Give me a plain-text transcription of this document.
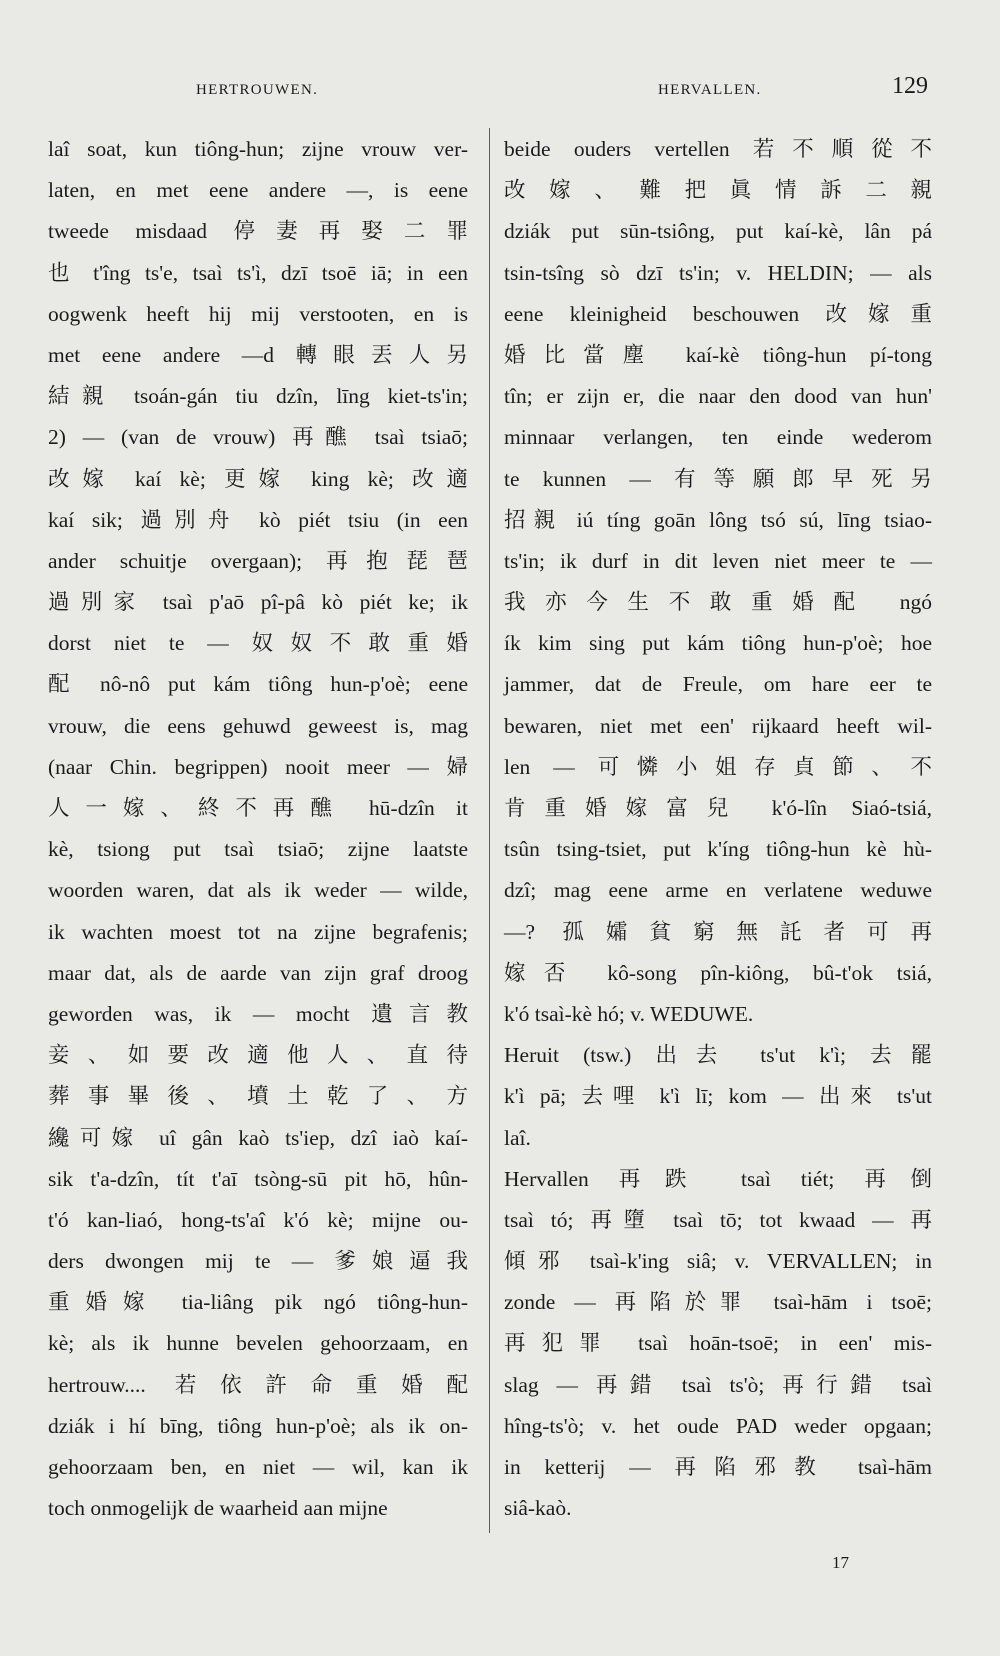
HERTROUWEN.	HERVALLEN.	129
laî soat, kun tiông-hun; zijne vrouw ver-
laten, en met eene andere —, is eene
tweede misdaad 停妻再娶二罪
也 t'îng ts'e, tsaì ts'ì, dzī tsoē iā; in een
oogwenk heeft hij mij verstooten, en is
met eene andere —d 轉眼丟人另
結親 tsoán-gán tiu dzîn, līng kiet-ts'in;
2) — (van de vrouw) 再醮 tsaì tsiaō;
改嫁 kaí kè; 更嫁 king kè; 改適
kaí sik; 過別舟 kò piét tsiu (in een
ander schuitje overgaan); 再抱琵琶
過別家 tsaì p'aō pî-pâ kò piét ke; ik
dorst niet te — 奴奴不敢重婚
配 nô-nô put kám tiông hun-p'oè; eene
vrouw, die eens gehuwd geweest is, mag
(naar Chin. begrippen) nooit meer — 婦
人一嫁、終不再醮 hū-dzîn it
kè, tsiong put tsaì tsiaō; zijne laatste
woorden waren, dat als ik weder — wilde,
ik wachten moest tot na zijne begrafenis;
maar dat, als de aarde van zijn graf droog
geworden was, ik — mocht 遺言教
妾、如要改適他人、直待
葬事畢後、墳土乾了、方
纔可嫁 uî gân kaò ts'iep, dzî iaò kaí-
sik t'a-dzîn, tít t'aī tsòng-sū pit hō, hûn-
t'ó kan-liaó, hong-ts'aî k'ó kè; mijne ou-
ders dwongen mij te — 爹娘逼我
重婚嫁 tia-liâng pik ngó tiông-hun-
kè; als ik hunne bevelen gehoorzaam, en
hertrouw.... 若依許命重婚配
dziák i hí bīng, tiông hun-p'oè; als ik on-
gehoorzaam ben, en niet — wil, kan ik
toch onmogelijk de waarheid aan mijne
beide ouders vertellen 若不順從不
改嫁、難把眞情訴二親
dziák put sūn-tsiông, put kaí-kè, lân pá
tsin-tsîng sò dzī ts'in; v. HELDIN; — als
eene kleinigheid beschouwen 改嫁重
婚比當塵 kaí-kè tiông-hun pí-tong
tîn; er zijn er, die naar den dood van hun'
minnaar verlangen, ten einde wederom
te kunnen — 有等願郎早死另
招親 iú tíng goān lông tsó sú, līng tsiao-
ts'in; ik durf in dit leven niet meer te —
我亦今生不敢重婚配 ngó
ík kim sing put kám tiông hun-p'oè; hoe
jammer, dat de Freule, om hare eer te
bewaren, niet met een' rijkaard heeft wil-
len — 可憐小姐存貞節、不
肯重婚嫁富兒 k'ó-lîn Siaó-tsiá,
tsûn tsing-tsiet, put k'íng tiông-hun kè hù-
dzî; mag eene arme en verlatene weduwe
—? 孤孀貧窮無託者可再
嫁否 kô-song pîn-kiông, bû-t'ok tsiá,
k'ó tsaì-kè hó; v. WEDUWE.
Heruit (tsw.) 出去 ts'ut k'ì; 去罷
k'ì pā; 去哩 k'ì lī; kom — 出來 ts'ut
laî.
Hervallen 再跌 tsaì tiét; 再倒
tsaì tó; 再墮 tsaì tō; tot kwaad — 再
傾邪 tsaì-k'ing siâ; v. VERVALLEN; in
zonde — 再陷於罪 tsaì-hām i tsoē;
再犯罪 tsaì hoān-tsoē; in een' mis-
slag — 再錯 tsaì ts'ò; 再行錯 tsaì
hîng-ts'ò; v. het oude PAD weder opgaan;
in ketterij — 再陷邪教 tsaì-hām
siâ-kaò.
17
